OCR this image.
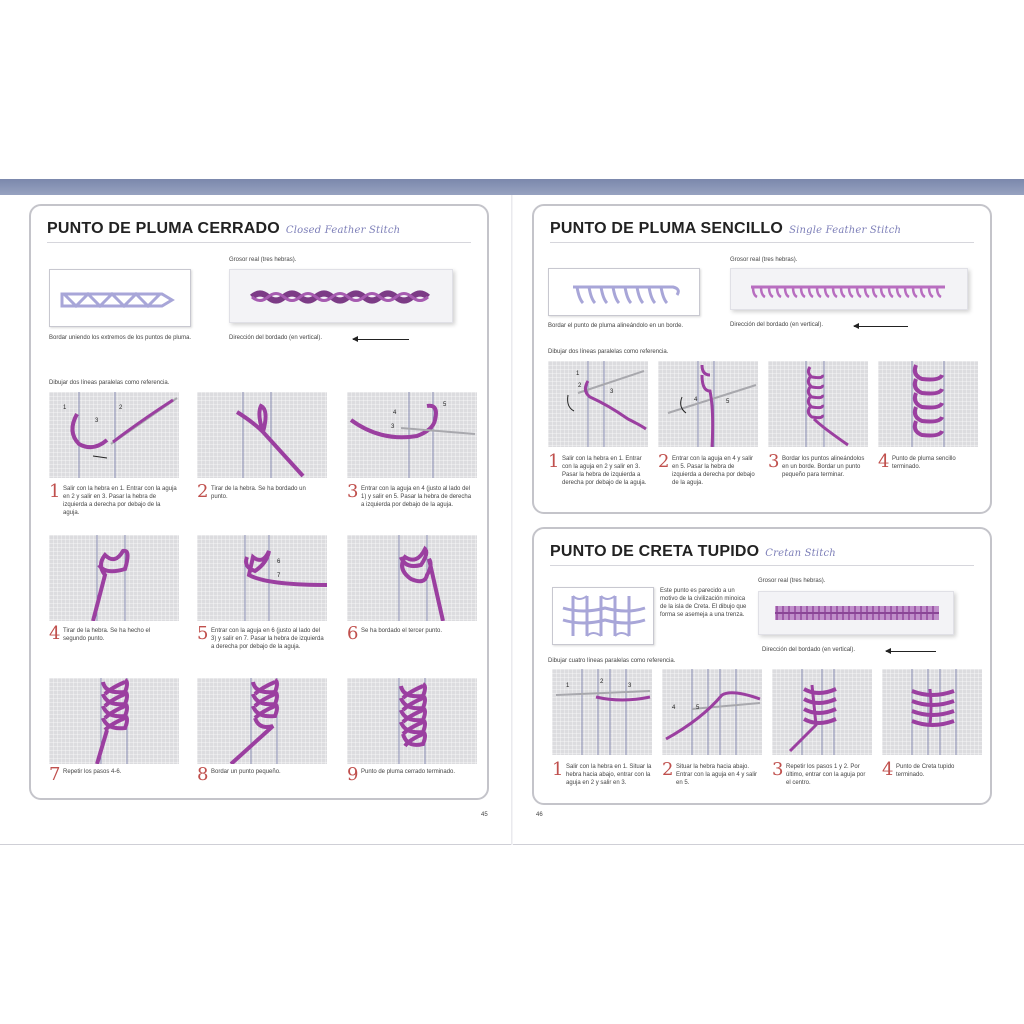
PUNTO DE PLUMA CERRADO Closed Feather Stitch
Bordar uniendo los extremos de los puntos de pluma.
Grosor real (tres hebras).
Dirección del bordado (en vertical).
Dibujar dos líneas paralelas como referencia.
1	2
3
4
5
3
1 Salir con la hebra en 1. Entrar con la aguja en 2 y salir en 3. Pasar la hebra de izquierda a derecha por debajo de la aguja.
2 Tirar de la hebra. Se ha bordado un punto.	3 Entrar con la aguja en 4 (justo al lado del 1) y salir en 5. Pasar la hebra de derecha a izquierda por debajo de la aguja.
6
7
4 Tirar de la hebra. Se ha hecho el segundo punto.	5 Entrar con la aguja en 6 (justo al lado del 3) y salir en 7. Pasar la hebra de izquierda a derecha por debajo de la aguja.
6 Se ha bordado el tercer punto.
7 Repetir los pasos 4-6.	8 Bordar un punto pequeño.	9 Punto de pluma cerrado terminado.
45
PUNTO DE PLUMA SENCILLO Single Feather Stitch
Bordar el punto de pluma alineándolo en un borde.
Grosor real (tres hebras).
Dirección del bordado (en vertical).
Dibujar dos líneas paralelas como referencia.
1
2
3
4	5
1 Salir con la hebra en 1. Entrar con la aguja en 2 y salir en 3. Pasar la hebra de izquierda a derecha por debajo de la aguja.
2 Entrar con la aguja en 4 y salir en 5. Pasar la hebra de izquierda a derecha por debajo de la aguja.
3 Bordar los puntos alineándolos en un borde. Bordar un punto pequeño para terminar.
4 Punto de pluma sencillo terminado.
PUNTO DE CRETA TUPIDO Cretan Stitch
Este punto es parecido a un motivo de la civilización minoica de la isla de Creta. El dibujo que forma se asemeja a una trenza.
Grosor real (tres hebras).
Dirección del bordado (en vertical).
Dibujar cuatro líneas paralelas como referencia.
1
2
3
4	5
1 Salir con la hebra en 1. Situar la hebra hacia abajo, entrar con la aguja en 2 y salir en 3.
2 Situar la hebra hacia abajo. Entrar con la aguja en 4 y salir en 5.
3 Repetir los pasos 1 y 2. Por último, entrar con la aguja por el centro.
4 Punto de Creta tupido terminado.
46
